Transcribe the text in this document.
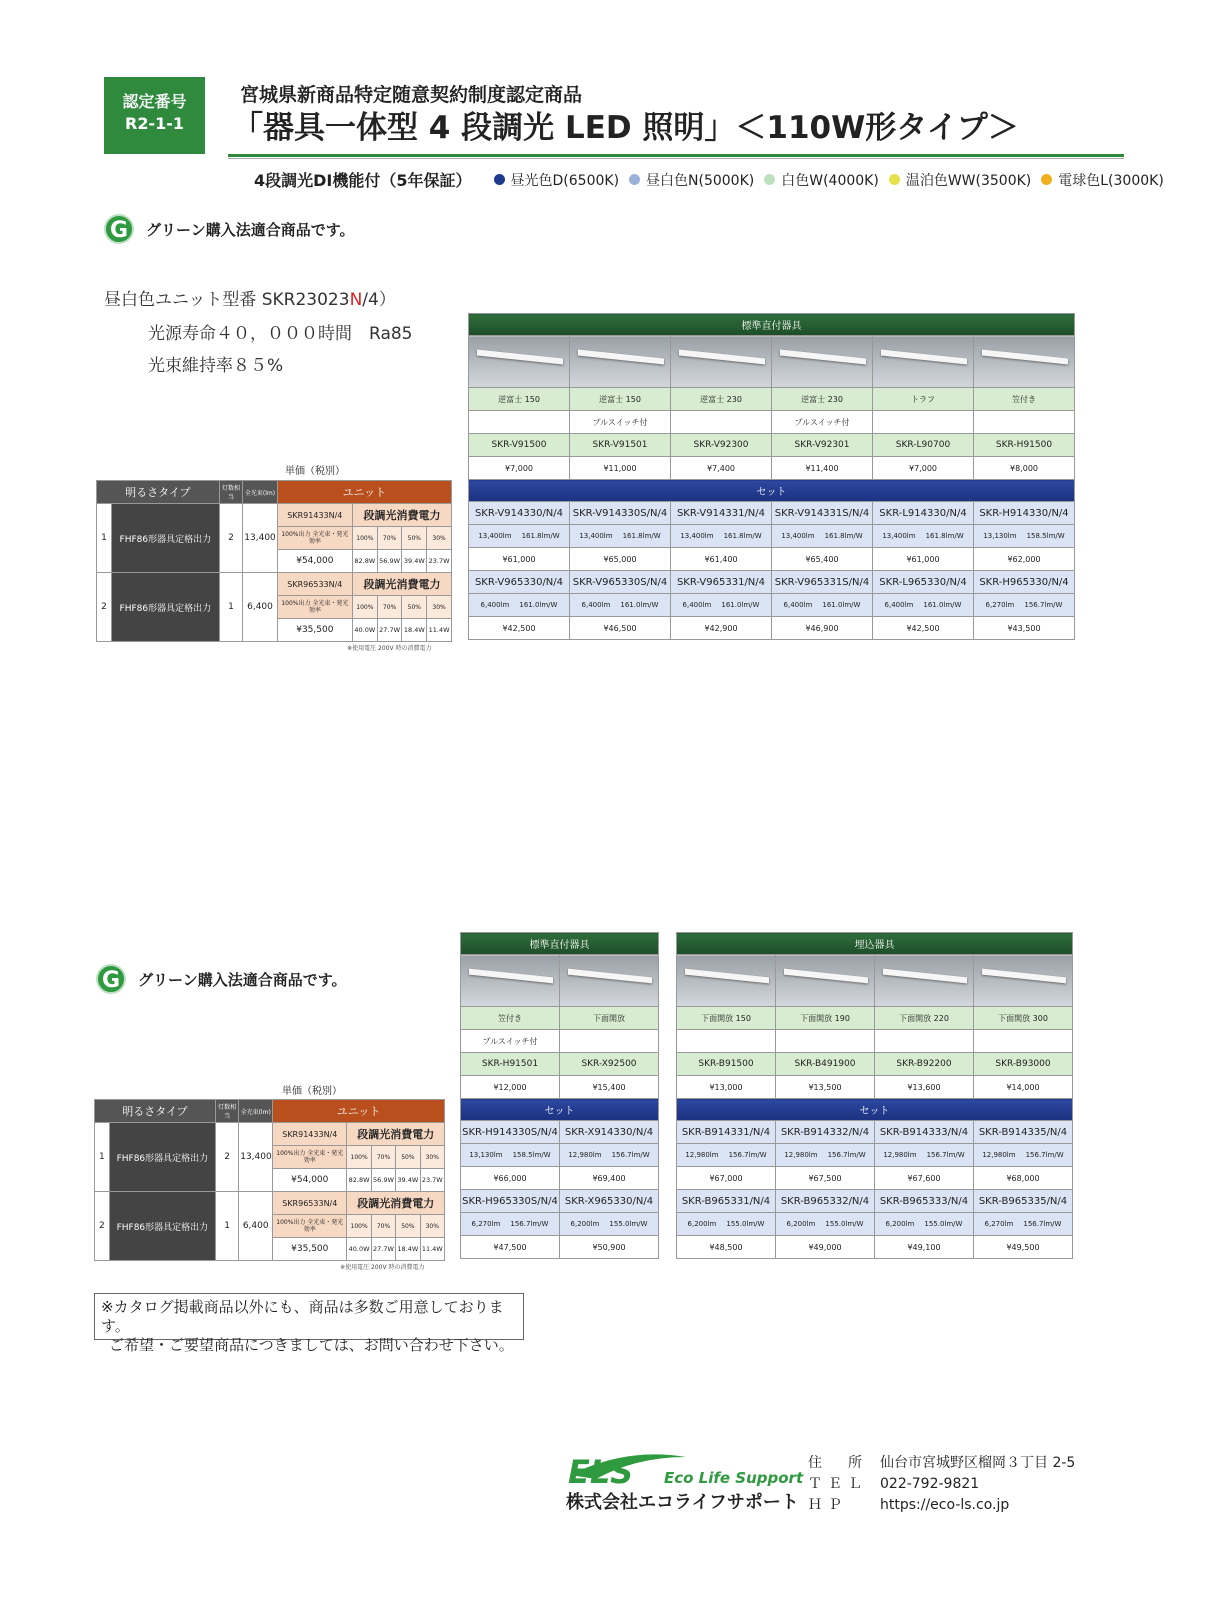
認定番号
R2-1-1
宮城県新商品特定随意契約制度認定商品
「器具一体型 4 段調光 LED 照明」＜110W形タイプ＞
4段調光DI機能付（5年保証）	昼光色D(6500K) 昼白色N(5000K) 白色W(4000K) 温泊色WW(3500K) 電球色L(3000K)
G	グリーン購入法適合商品です。
昼白色ユニット型番 SKR23023N/4）
光源寿命４０，０００時間　Ra85
光束維持率８５%
単価（税別）
明るさタイプ		灯数相当	全光束(lm)	ユニット				
1	FHF86形器具定格出力	2	13,400	SKR91433N/4	段調光消費電力			
				100%出力 全光束・発光効率	100%	70%	50%	30%
				¥54,000	82.8W	56.9W	39.4W	23.7W
2	FHF86形器具定格出力	1	6,400	SKR96533N/4	段調光消費電力			
				100%出力 全光束・発光効率	100%	70%	50%	30%
				¥35,500	40.0W	27.7W	18.4W	11.4W
※使用電圧 200V 時の消費電力								
標準直付器具					

逆富士 150	逆富士 150	逆富士 230	逆富士 230	トラフ	笠付き
	プルスイッチ付		プルスイッチ付		
SKR-V91500	SKR-V91501	SKR-V92300	SKR-V92301	SKR-L90700	SKR-H91500
¥7,000	¥11,000	¥7,400	¥11,400	¥7,000	¥8,000
セット					
SKR-V914330/N/4	SKR-V914330S/N/4	SKR-V914331/N/4	SKR-V914331S/N/4	SKR-L914330/N/4	SKR-H914330/N/4
13,400lm 161.8lm/W	13,400lm 161.8lm/W	13,400lm 161.8lm/W	13,400lm 161.8lm/W	13,400lm 161.8lm/W	13,130lm 158.5lm/W
¥61,000	¥65,000	¥61,400	¥65,400	¥61,000	¥62,000
SKR-V965330/N/4	SKR-V965330S/N/4	SKR-V965331/N/4	SKR-V965331S/N/4	SKR-L965330/N/4	SKR-H965330/N/4
6,400lm 161.0lm/W	6,400lm 161.0lm/W	6,400lm 161.0lm/W	6,400lm 161.0lm/W	6,400lm 161.0lm/W	6,270lm 156.7lm/W
¥42,500	¥46,500	¥42,900	¥46,900	¥42,500	¥43,500
G	グリーン購入法適合商品です。
単価（税別）
明るさタイプ		灯数相当	全光束(lm)	ユニット				
1	FHF86形器具定格出力	2	13,400	SKR91433N/4	段調光消費電力			
				100%出力 全光束・発光効率	100%	70%	50%	30%
				¥54,000	82.8W	56.9W	39.4W	23.7W
2	FHF86形器具定格出力	1	6,400	SKR96533N/4	段調光消費電力			
				100%出力 全光束・発光効率	100%	70%	50%	30%
				¥35,500	40.0W	27.7W	18.4W	11.4W
※使用電圧 200V 時の消費電力								
標準直付器具	

笠付き	下面開放
プルスイッチ付	
SKR-H91501	SKR-X92500
¥12,000	¥15,400
セット	
SKR-H914330S/N/4	SKR-X914330/N/4
13,130lm 158.5lm/W	12,980lm 156.7lm/W
¥66,000	¥69,400
SKR-H965330S/N/4	SKR-X965330/N/4
6,270lm 156.7lm/W	6,200lm 155.0lm/W
¥47,500	¥50,900
埋込器具			

下面開放 150	下面開放 190	下面開放 220	下面開放 300

SKR-B91500	SKR-B491900	SKR-B92200	SKR-B93000
¥13,000	¥13,500	¥13,600	¥14,000
セット			
SKR-B914331/N/4	SKR-B914332/N/4	SKR-B914333/N/4	SKR-B914335/N/4
12,980lm 156.7lm/W	12,980lm 156.7lm/W	12,980lm 156.7lm/W	12,980lm 156.7lm/W
¥67,000	¥67,500	¥67,600	¥68,000
SKR-B965331/N/4	SKR-B965332/N/4	SKR-B965333/N/4	SKR-B965335/N/4
6,200lm 155.0lm/W	6,200lm 155.0lm/W	6,200lm 155.0lm/W	6,270lm 156.7lm/W
¥48,500	¥49,000	¥49,100	¥49,500
※カタログ掲載商品以外にも、商品は多数ご用意しております。
ご希望・ご要望商品につきましては、お問い合わせ下さい。
ELS Eco Life Support
株式会社エコライフサポート
住　所 仙台市宮城野区榴岡３丁目 2-5
ＴＥＬ 022-792-9821
ＨＰ	https://eco-ls.co.jp
